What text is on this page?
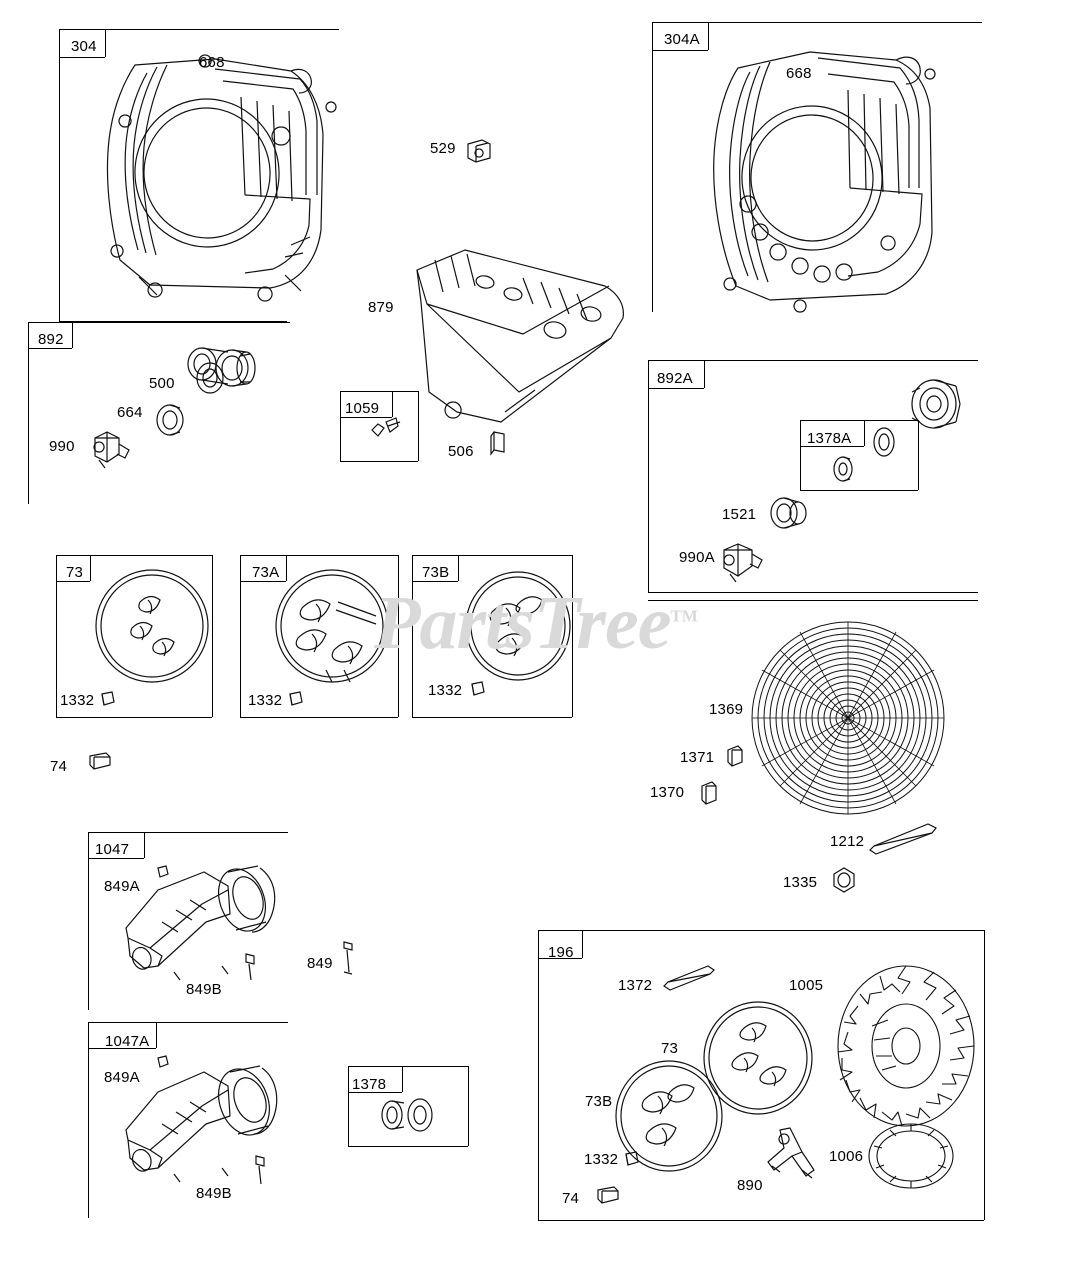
PartsTree™
304
668
304A
668
529
879
892
500
664
990
1059
506
892A
1378A
1521
990A
73
1332
73A
1332
73B
1332
74
1369
1371
1370
1212
1335
1047
849A
849B
849
1047A
849A
849B
1378
196
1372	1005
73
73B
1332
74
890
1006
